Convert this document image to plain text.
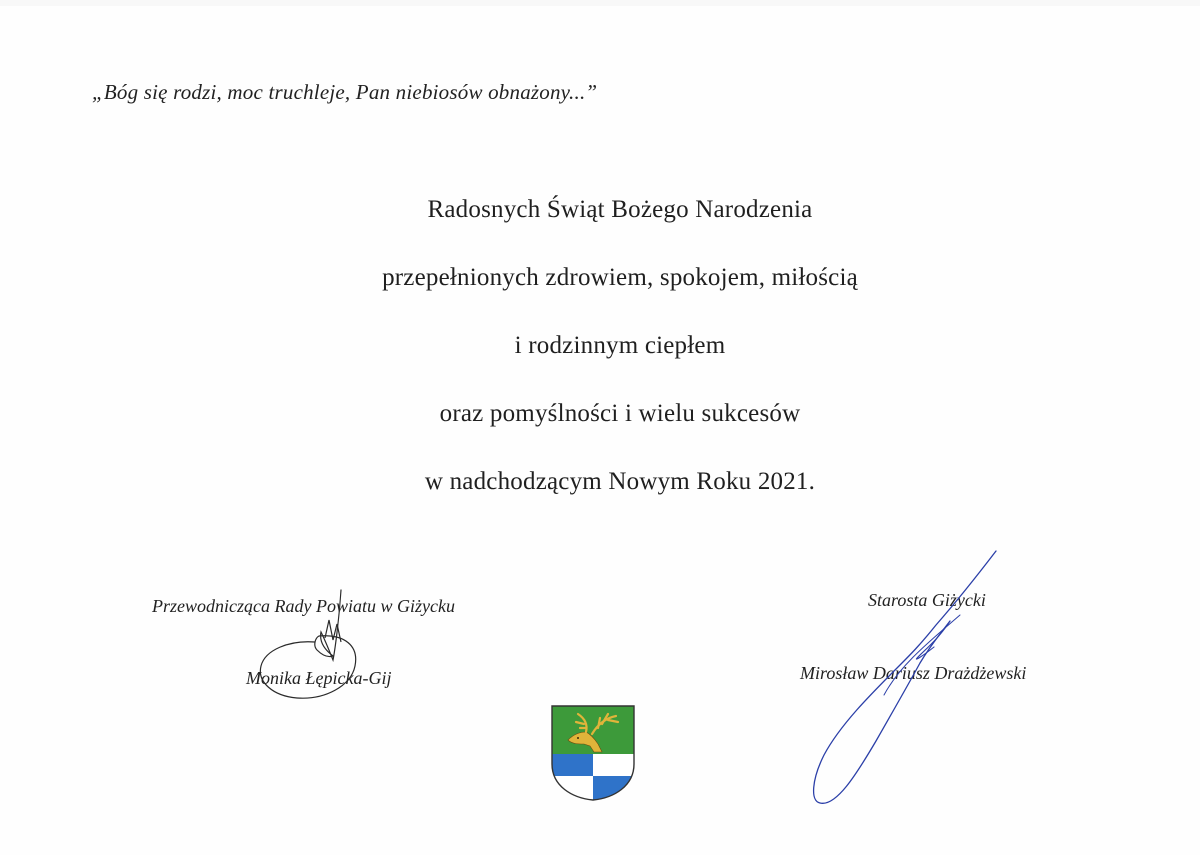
„Bóg się rodzi, moc truchleje, Pan niebiosów obnażony...”
Radosnych Świąt Bożego Narodzenia
przepełnionych zdrowiem, spokojem, miłością
i rodzinnym ciepłem
oraz pomyślności i wielu sukcesów
w nadchodzącym Nowym Roku 2021.
Przewodnicząca Rady Powiatu w Giżycku
Monika Łępicka-Gij
Starosta Giżycki
Mirosław Dariusz Drażdżewski
